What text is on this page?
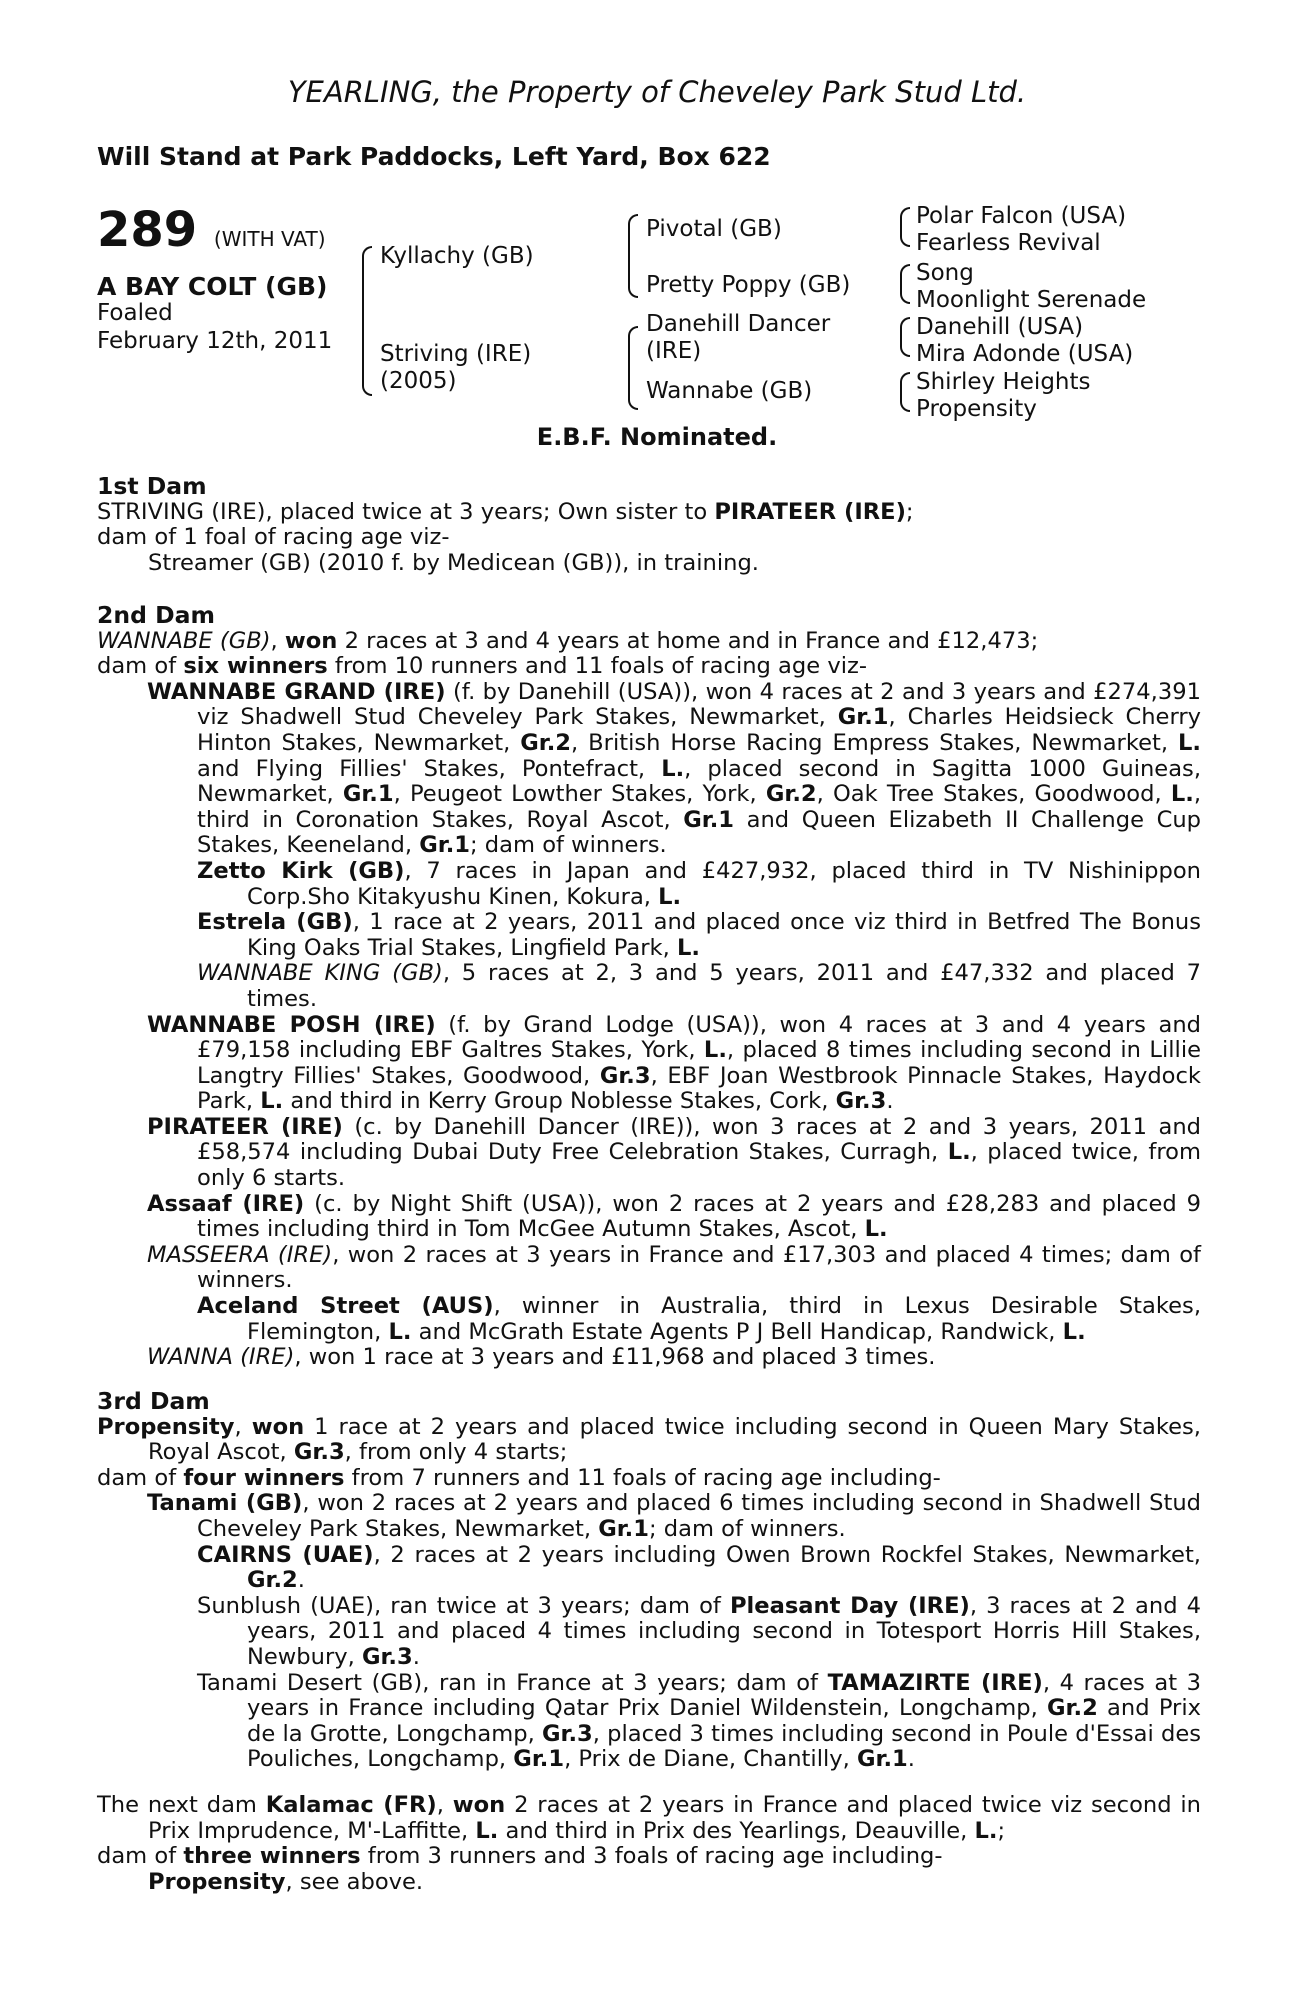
YEARLING, the Property of Cheveley Park Stud Ltd.
Will Stand at Park Paddocks, Left Yard, Box 622
289 (WITH VAT)
A BAY COLT (GB)
Foaled
February 12th, 2011
Kyllachy (GB)
Striving (IRE)
(2005)
Pivotal (GB)
Pretty Poppy (GB)
Danehill Dancer
(IRE)
Wannabe (GB)
Polar Falcon (USA)
Fearless Revival
Song
Moonlight Serenade
Danehill (USA)
Mira Adonde (USA)
Shirley Heights
Propensity
E.B.F. Nominated.

1st Dam

STRIVING (IRE), placed twice at 3 years; Own sister to PIRATEER (IRE);

dam of 1 foal of racing age viz-

Streamer (GB) (2010 f. by Medicean (GB)), in training.

2nd Dam

WANNABE (GB), won 2 races at 3 and 4 years at home and in France and £12,473;

dam of six winners from 10 runners and 11 foals of racing age viz-

WANNABE GRAND (IRE) (f. by Danehill (USA)), won 4 races at 2 and 3 years and £274,391 viz Shadwell Stud Cheveley Park Stakes, Newmarket, Gr.1, Charles Heidsieck Cherry Hinton Stakes, Newmarket, Gr.2, British Horse Racing Empress Stakes, Newmarket, L. and Flying Fillies' Stakes, Pontefract, L., placed second in Sagitta 1000 Guineas, Newmarket, Gr.1, Peugeot Lowther Stakes, York, Gr.2, Oak Tree Stakes, Goodwood, L., third in Coronation Stakes, Royal Ascot, Gr.1 and Queen Elizabeth II Challenge Cup Stakes, Keeneland, Gr.1; dam of winners.

Zetto Kirk (GB), 7 races in Japan and £427,932, placed third in TV Nishinippon Corp.Sho Kitakyushu Kinen, Kokura, L.

Estrela (GB), 1 race at 2 years, 2011 and placed once viz third in Betfred The Bonus King Oaks Trial Stakes, Lingfield Park, L.

WANNABE KING (GB), 5 races at 2, 3 and 5 years, 2011 and £47,332 and placed 7 times.

WANNABE POSH (IRE) (f. by Grand Lodge (USA)), won 4 races at 3 and 4 years and £79,158 including EBF Galtres Stakes, York, L., placed 8 times including second in Lillie Langtry Fillies' Stakes, Goodwood, Gr.3, EBF Joan Westbrook Pinnacle Stakes, Haydock Park, L. and third in Kerry Group Noblesse Stakes, Cork, Gr.3.

PIRATEER (IRE) (c. by Danehill Dancer (IRE)), won 3 races at 2 and 3 years, 2011 and £58,574 including Dubai Duty Free Celebration Stakes, Curragh, L., placed twice, from only 6 starts.

Assaaf (IRE) (c. by Night Shift (USA)), won 2 races at 2 years and £28,283 and placed 9 times including third in Tom McGee Autumn Stakes, Ascot, L.

MASSEERA (IRE), won 2 races at 3 years in France and £17,303 and placed 4 times; dam of winners.

Aceland Street (AUS), winner in Australia, third in Lexus Desirable Stakes, Flemington, L. and McGrath Estate Agents P J Bell Handicap, Randwick, L.

WANNA (IRE), won 1 race at 3 years and £11,968 and placed 3 times.

3rd Dam

Propensity, won 1 race at 2 years and placed twice including second in Queen Mary Stakes, Royal Ascot, Gr.3, from only 4 starts;

dam of four winners from 7 runners and 11 foals of racing age including-

Tanami (GB), won 2 races at 2 years and placed 6 times including second in Shadwell Stud Cheveley Park Stakes, Newmarket, Gr.1; dam of winners.

CAIRNS (UAE), 2 races at 2 years including Owen Brown Rockfel Stakes, Newmarket, Gr.2.

Sunblush (UAE), ran twice at 3 years; dam of Pleasant Day (IRE), 3 races at 2 and 4 years, 2011 and placed 4 times including second in Totesport Horris Hill Stakes, Newbury, Gr.3.

Tanami Desert (GB), ran in France at 3 years; dam of TAMAZIRTE (IRE), 4 races at 3 years in France including Qatar Prix Daniel Wildenstein, Longchamp, Gr.2 and Prix de la Grotte, Longchamp, Gr.3, placed 3 times including second in Poule d'Essai des Pouliches, Longchamp, Gr.1, Prix de Diane, Chantilly, Gr.1.

The next dam Kalamac (FR), won 2 races at 2 years in France and placed twice viz second in Prix Imprudence, M'-Laffitte, L. and third in Prix des Yearlings, Deauville, L.;

dam of three winners from 3 runners and 3 foals of racing age including-

Propensity, see above.
